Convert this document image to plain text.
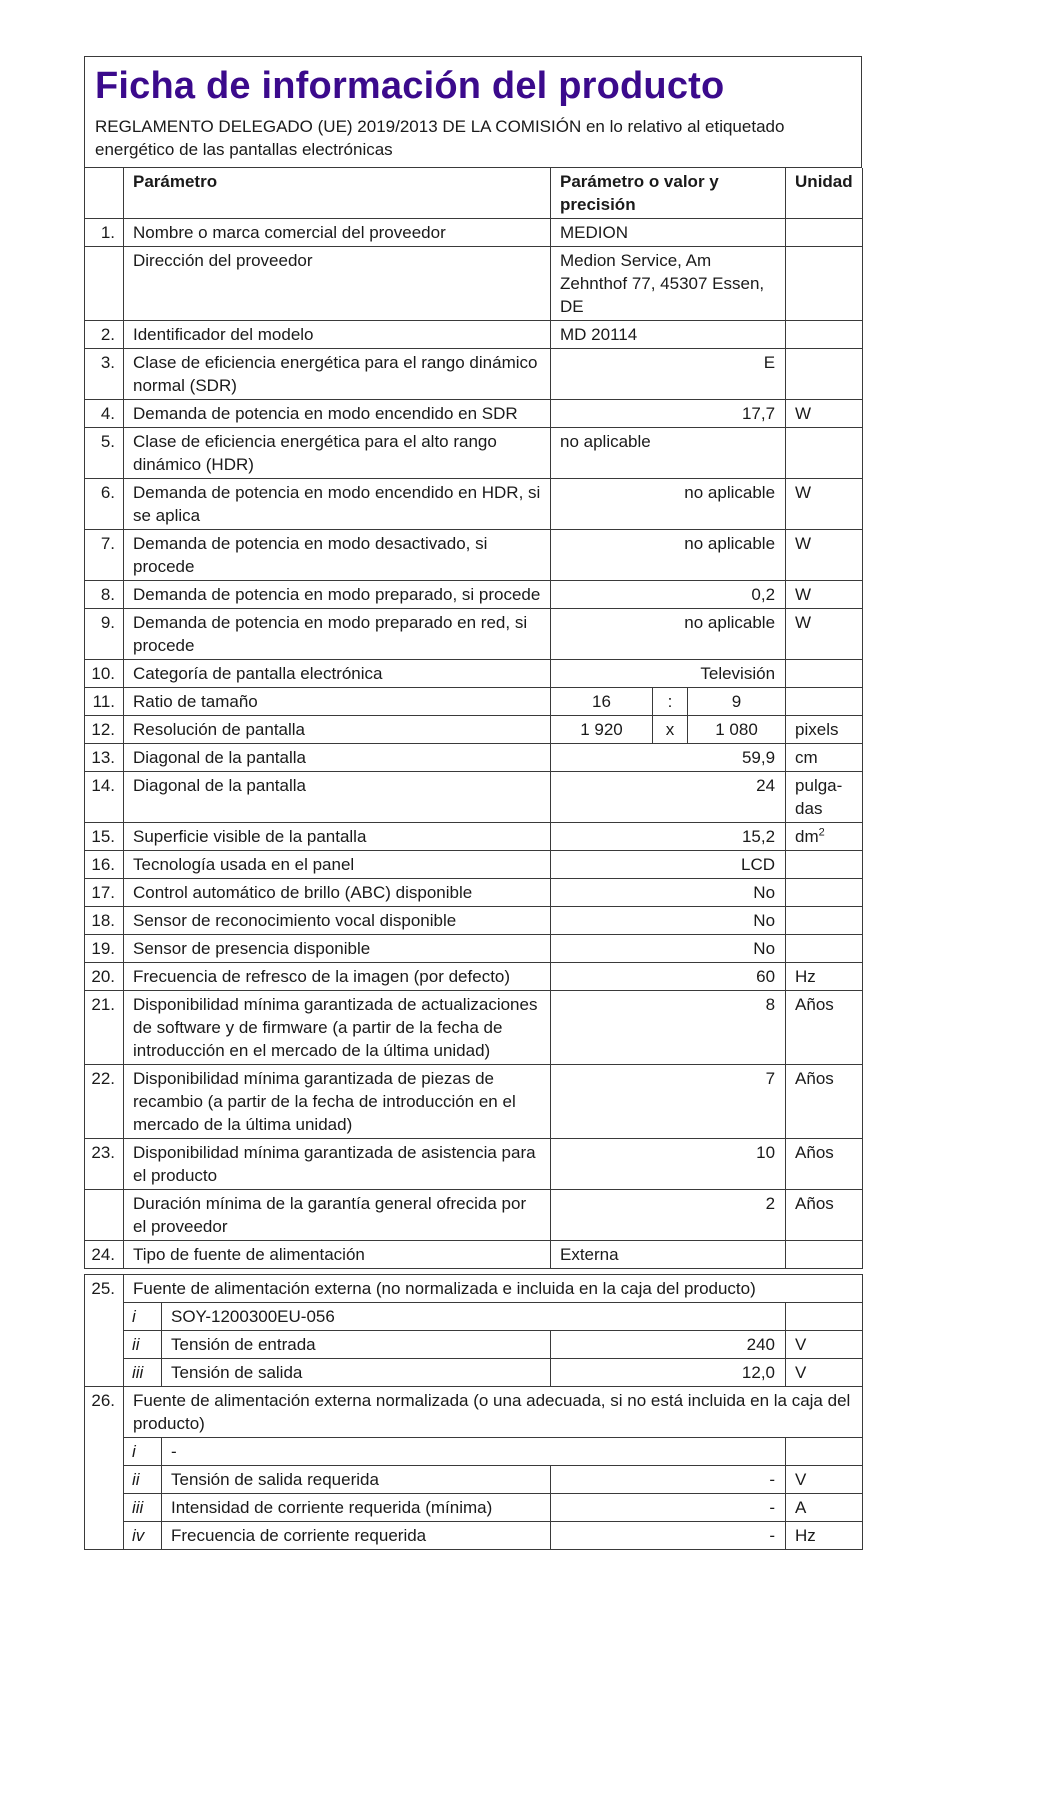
Ficha de información del producto
REGLAMENTO DELEGADO (UE) 2019/2013 DE LA COMISIÓN en lo relativo al etiquetado energético de las pantallas electrónicas
	Parámetro	Parámetro o valor y precisión			Unidad
1.	Nombre o marca comercial del proveedor	MEDION			
	Dirección del proveedor	Medion Service, Am Zehnthof 77, 45307 Essen, DE			
2.	Identificador del modelo	MD 20114			
3.	Clase de eficiencia energética para el rango dinámico normal (SDR)	E			
4.	Demanda de potencia en modo encendido en SDR	17,7			W
5.	Clase de eficiencia energética para el alto rango dinámico (HDR)	no aplicable			
6.	Demanda de potencia en modo encendido en HDR, si se aplica	no aplicable			W
7.	Demanda de potencia en modo desactivado, si procede	no aplicable			W
8.	Demanda de potencia en modo preparado, si procede	0,2			W
9.	Demanda de potencia en modo preparado en red, si procede	no aplicable			W
10.	Categoría de pantalla electrónica	Televisión			
11.	Ratio de tamaño	16	:	9	
12.	Resolución de pantalla	1 920	x	1 080	pixels
13.	Diagonal de la pantalla	59,9			cm
14.	Diagonal de la pantalla	24			pulga-
das
15.	Superficie visible de la pantalla	15,2			$dm^2$
16.	Tecnología usada en el panel	LCD			
17.	Control automático de brillo (ABC) disponible	No			
18.	Sensor de reconocimiento vocal disponible	No			
19.	Sensor de presencia disponible	No			
20.	Frecuencia de refresco de la imagen (por defecto)	60			Hz
21.	Disponibilidad mínima garantizada de actualizaciones de software y de firmware (a partir de la fecha de introducción en el mercado de la última unidad)	8			Años
22.	Disponibilidad mínima garantizada de piezas de recambio (a partir de la fecha de introducción en el mercado de la última unidad)	7			Años
23.	Disponibilidad mínima garantizada de asistencia para el producto	10			Años
	Duración mínima de la garantía general ofrecida por el proveedor	2			Años
24.	Tipo de fuente de alimentación	Externa			
25.	Fuente de alimentación externa (no normalizada e incluida en la caja del producto)			
	i	SOY-1200300EU-056		
	ii	Tensión de entrada	240	V
	iii	Tensión de salida	12,0	V
26.	Fuente de alimentación externa normalizada (o una adecuada, si no está incluida en la caja del producto)			
	i	-		
	ii	Tensión de salida requerida	-	V
	iii	Intensidad de corriente requerida (mínima)	-	A
	iv	Frecuencia de corriente requerida	-	Hz
